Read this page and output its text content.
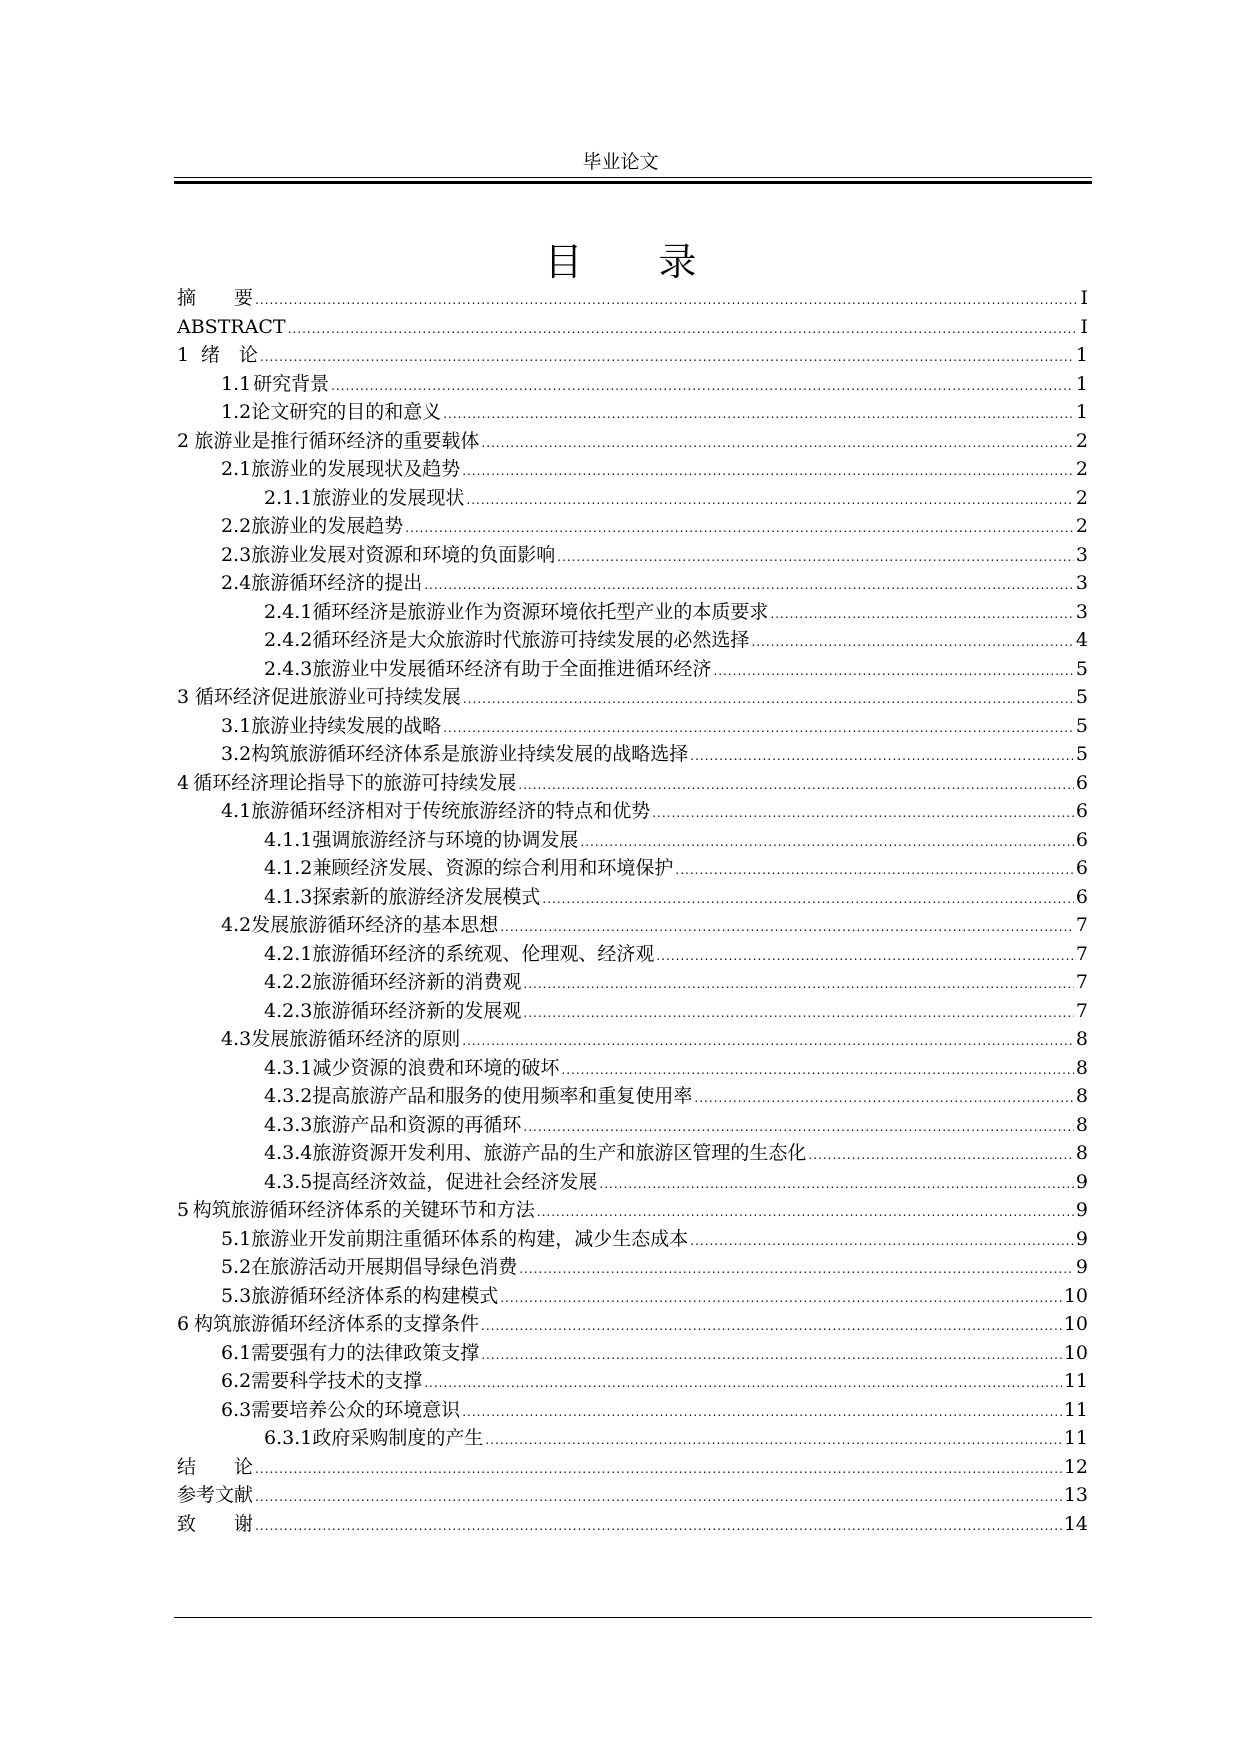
毕业论文
目 录
摘　　要 .....	I
ABSTRACT .....	I
1 绪　论 .....	1
1.1 研究背景 .....	1
1.2 论文研究的目的和意义 .....	1
2 旅游业是推行循环经济的重要载体 .....	2
2.1 旅游业的发展现状及趋势 .....	2
2.1.1 旅游业的发展现状 .....	2
2.2 旅游业的发展趋势 .....	2
2.3 旅游业发展对资源和环境的负面影响 .....	3
2.4 旅游循环经济的提出 .....	3
2.4.1 循环经济是旅游业作为资源环境依托型产业的本质要求 .....	3
2.4.2 循环经济是大众旅游时代旅游可持续发展的必然选择 .....	4
2.4.3 旅游业中发展循环经济有助于全面推进循环经济 .....	5
3 循环经济促进旅游业可持续发展 .....	5
3.1 旅游业持续发展的战略 .....	5
3.2 构筑旅游循环经济体系是旅游业持续发展的战略选择 .....	5
4 循环经济理论指导下的旅游可持续发展 .....	6
4.1 旅游循环经济相对于传统旅游经济的特点和优势 .....	6
4.1.1 强调旅游经济与环境的协调发展 .....	6
4.1.2 兼顾经济发展、资源的综合利用和环境保护 .....	6
4.1.3 探索新的旅游经济发展模式 .....	6
4.2 发展旅游循环经济的基本思想 .....	7
4.2.1 旅游循环经济的系统观、伦理观、经济观 .....	7
4.2.2 旅游循环经济新的消费观 .....	7
4.2.3 旅游循环经济新的发展观 .....	7
4.3 发展旅游循环经济的原则 .....	8
4.3.1 减少资源的浪费和环境的破坏 .....	8
4.3.2 提高旅游产品和服务的使用频率和重复使用率 .....	8
4.3.3 旅游产品和资源的再循环 .....	8
4.3.4 旅游资源开发利用、旅游产品的生产和旅游区管理的生态化 .....	8
4.3.5 提高经济效益，促进社会经济发展 .....	9
5 构筑旅游循环经济体系的关键环节和方法 .....	9
5.1 旅游业开发前期注重循环体系的构建，减少生态成本 .....	9
5.2 在旅游活动开展期倡导绿色消费 .....	9
5.3 旅游循环经济体系的构建模式 .....	10
6 构筑旅游循环经济体系的支撑条件 .....	10
6.1 需要强有力的法律政策支撑 .....	10
6.2 需要科学技术的支撑 .....	11
6.3 需要培养公众的环境意识 .....	11
6.3.1 政府采购制度的产生 .....	11
结　　论 .....	12
参考文献 .....	13
致　　谢 .....	14
